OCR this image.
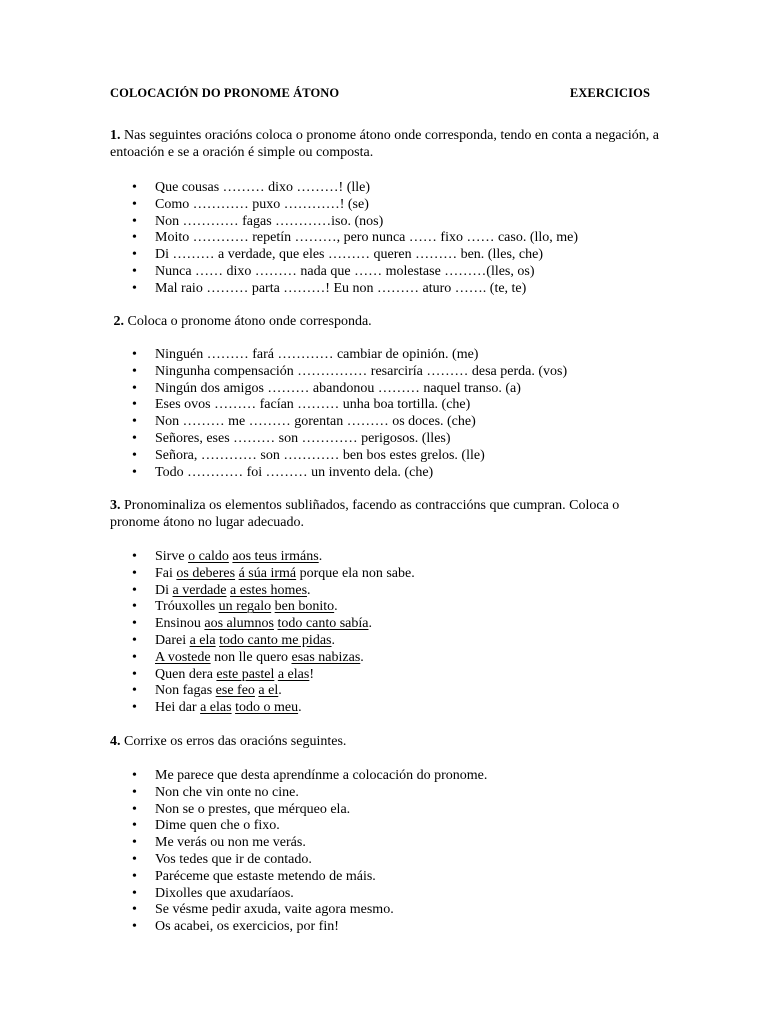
COLOCACIÓN DO PRONOME ÁTONO	EXERCICIOS

1. Nas seguintes oracións coloca o pronome átono onde corresponda, tendo en conta a negación, a entoación e se a oración é simple ou composta.

• Que cousas ……… dixo ………! (lle)
• Como ………… puxo …………! (se)
• Non ………… fagas …………iso. (nos)
• Moito ………… repetín ………, pero nunca …… fixo …… caso. (llo, me)
• Di ……… a verdade, que eles ……… queren ……… ben. (lles, che)
• Nunca …… dixo ……… nada que …… molestase ………(lles, os)
• Mal raio ……… parta ………! Eu non ……… aturo ……. (te, te)

2. Coloca o pronome átono onde corresponda.

• Ninguén ……… fará ………… cambiar de opinión. (me)
• Ningunha compensación …………… resarciría ……… desa perda. (vos)
• Ningún dos amigos ……… abandonou ……… naquel transo. (a)
• Eses ovos ……… facían ……… unha boa tortilla. (che)
• Non ……… me ……… gorentan ……… os doces. (che)
• Señores, eses ……… son ………… perigosos. (lles)
• Señora, ………… son ………… ben bos estes grelos. (lle)
• Todo ………… foi ……… un invento dela. (che)

3. Pronominaliza os elementos subliñados, facendo as contraccións que cumpran. Coloca o pronome átono no lugar adecuado.

• Sirve o caldo aos teus irmáns.
• Fai os deberes á súa irmá porque ela non sabe.
• Di a verdade a estes homes.
• Tróuxolles un regalo ben bonito.
• Ensinou aos alumnos todo canto sabía.
• Darei a ela todo canto me pidas.
• A vostede non lle quero esas nabizas.
• Quen dera este pastel a elas!
• Non fagas ese feo a el.
• Hei dar a elas todo o meu.

4. Corrixe os erros das oracións seguintes.

• Me parece que desta aprendínme a colocación do pronome.
• Non che vin onte no cine.
• Non se o prestes, que mérqueo ela.
• Dime quen che o fixo.
• Me verás ou non me verás.
• Vos tedes que ir de contado.
• Paréceme que estaste metendo de máis.
• Dixolles que axudaríaos.
• Se vésme pedir axuda, vaite agora mesmo.
• Os acabei, os exercicios, por fin!
